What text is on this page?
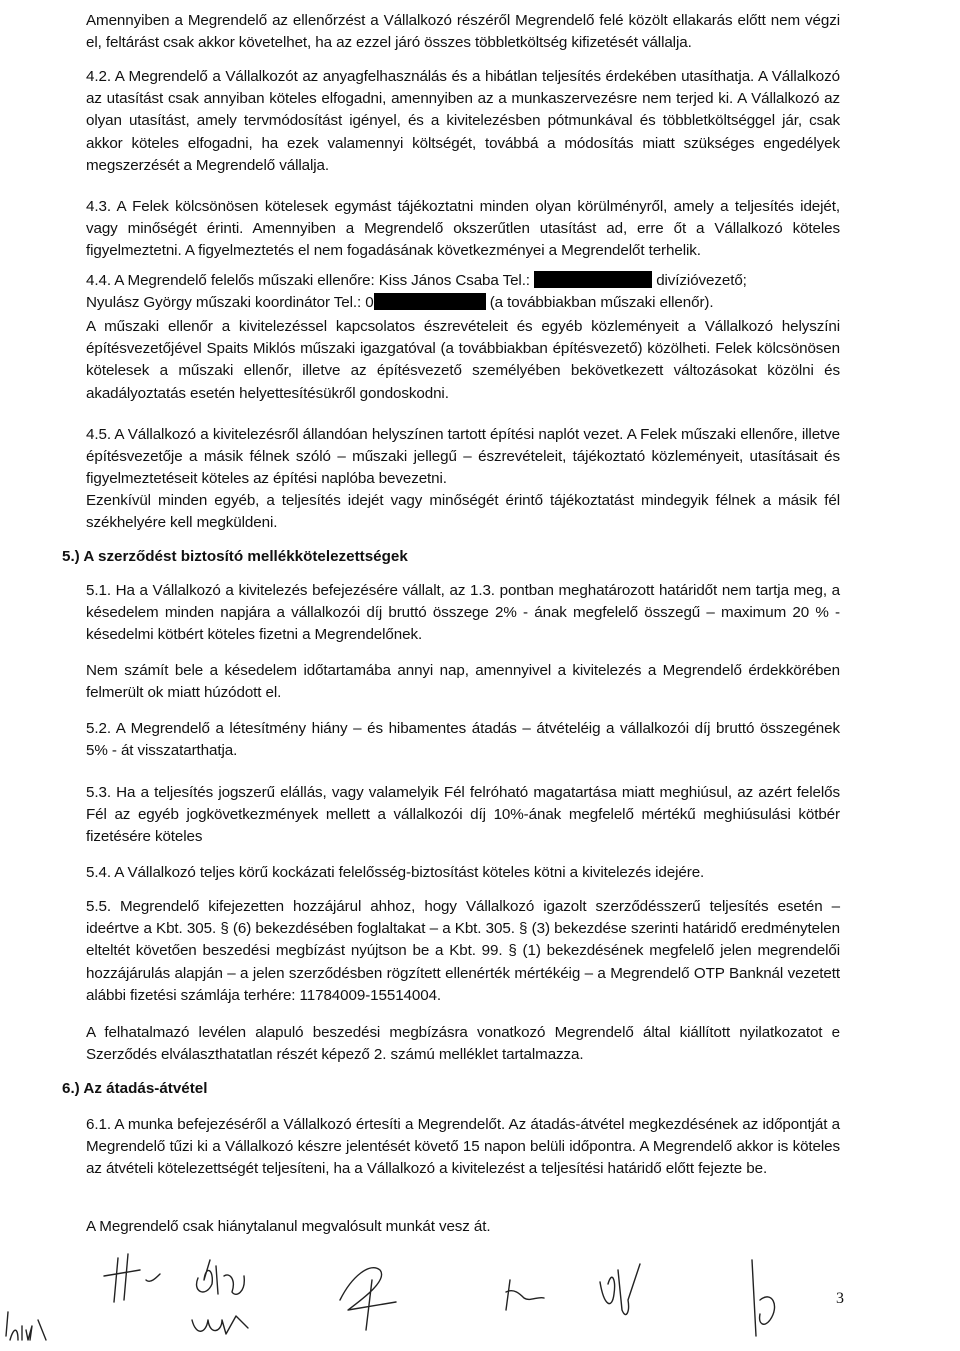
Amennyiben a Megrendelő az ellenőrzést a Vállalkozó részéről Megrendelő felé közölt ellakarás előtt nem végzi el, feltárást csak akkor követelhet, ha az ezzel járó összes többletköltség kifizetését vállalja.

4.2. A Megrendelő a Vállalkozót az anyagfelhasználás és a hibátlan teljesítés érdekében utasíthatja. A Vállalkozó az utasítást csak annyiban köteles elfogadni, amennyiben az a munkaszervezésre nem terjed ki. A Vállalkozó az olyan utasítást, amely tervmódosítást igényel, és a kivitelezésben pótmunkával és többletköltséggel jár, csak akkor köteles elfogadni, ha ezek valamennyi költségét, továbbá a módosítás miatt szükséges engedélyek megszerzését a Megrendelő vállalja.

4.3. A Felek kölcsönösen kötelesek egymást tájékoztatni minden olyan körülményről, amely a teljesítés idejét, vagy minőségét érinti. Amennyiben a Megrendelő okszerűtlen utasítást ad, erre őt a Vállalkozó köteles figyelmeztetni. A figyelmeztetés el nem fogadásának következményei a Megrendelőt terhelik.

4.4. A Megrendelő felelős műszaki ellenőre: Kiss János Csaba Tel.:	divízióvezető;
Nyulász György műszaki koordinátor Tel.: 0	(a továbbiakban műszaki ellenőr).

A műszaki ellenőr a kivitelezéssel kapcsolatos észrevételeit és egyéb közleményeit a Vállalkozó helyszíni építésvezetőjével Spaits Miklós műszaki igazgatóval (a továbbiakban építésvezető) közölheti. Felek kölcsönösen kötelesek a műszaki ellenőr, illetve az építésvezető személyében bekövetkezett változásokat közölni és akadályoztatás esetén helyettesítésükről gondoskodni.

4.5. A Vállalkozó a kivitelezésről állandóan helyszínen tartott építési naplót vezet. A Felek műszaki ellenőre, illetve építésvezetője a másik félnek szóló – műszaki jellegű – észrevételeit, tájékoztató közleményeit, utasításait és figyelmeztetéseit köteles az építési naplóba bevezetni.

Ezenkívül minden egyéb, a teljesítés idejét vagy minőségét érintő tájékoztatást mindegyik félnek a másik fél székhelyére kell megküldeni.

5.) A szerződést biztosító mellékkötelezettségek

5.1. Ha a Vállalkozó a kivitelezés befejezésére vállalt, az 1.3. pontban meghatározott határidőt nem tartja meg, a késedelem minden napjára a vállalkozói díj bruttó összege 2% - ának megfelelő összegű – maximum 20 % - késedelmi kötbért köteles fizetni a Megrendelőnek.

Nem számít bele a késedelem időtartamába annyi nap, amennyivel a kivitelezés a Megrendelő érdekkörében felmerült ok miatt húzódott el.

5.2. A Megrendelő a létesítmény hiány – és hibamentes átadás – átvételéig a vállalkozói díj bruttó összegének 5% - át visszatarthatja.

5.3. Ha a teljesítés jogszerű elállás, vagy valamelyik Fél felróható magatartása miatt meghiúsul, az azért felelős Fél az egyéb jogkövetkezmények mellett a vállalkozói díj 10%-ának megfelelő mértékű meghiúsulási kötbér fizetésére köteles

5.4. A Vállalkozó teljes körű kockázati felelősség-biztosítást köteles kötni a kivitelezés idejére.

5.5. Megrendelő kifejezetten hozzájárul ahhoz, hogy Vállalkozó igazolt szerződésszerű teljesítés esetén – ideértve a Kbt. 305. § (6) bekezdésében foglaltakat – a Kbt. 305. § (3) bekezdése szerinti határidő eredménytelen elteltét követően beszedési megbízást nyújtson be a Kbt. 99. § (1) bekezdésének megfelelő jelen megrendelői hozzájárulás alapján – a jelen szerződésben rögzített ellenérték mértékéig – a Megrendelő OTP Banknál vezetett alábbi fizetési számlája terhére: 11784009-15514004.

A felhatalmazó levélen alapuló beszedési megbízásra vonatkozó Megrendelő által kiállított nyilatkozatot e Szerződés elválaszthatatlan részét képező 2. számú melléklet tartalmazza.

6.) Az átadás-átvétel

6.1. A munka befejezéséről a Vállalkozó értesíti a Megrendelőt. Az átadás-átvétel megkezdésének az időpontját a Megrendelő tűzi ki a Vállalkozó készre jelentését követő 15 napon belüli időpontra. A Megrendelő akkor is köteles az átvételi kötelezettségét teljesíteni, ha a Vállalkozó a kivitelezést a teljesítési határidő előtt fejezte be.

A Megrendelő csak hiánytalanul megvalósult munkát vesz át.

3
